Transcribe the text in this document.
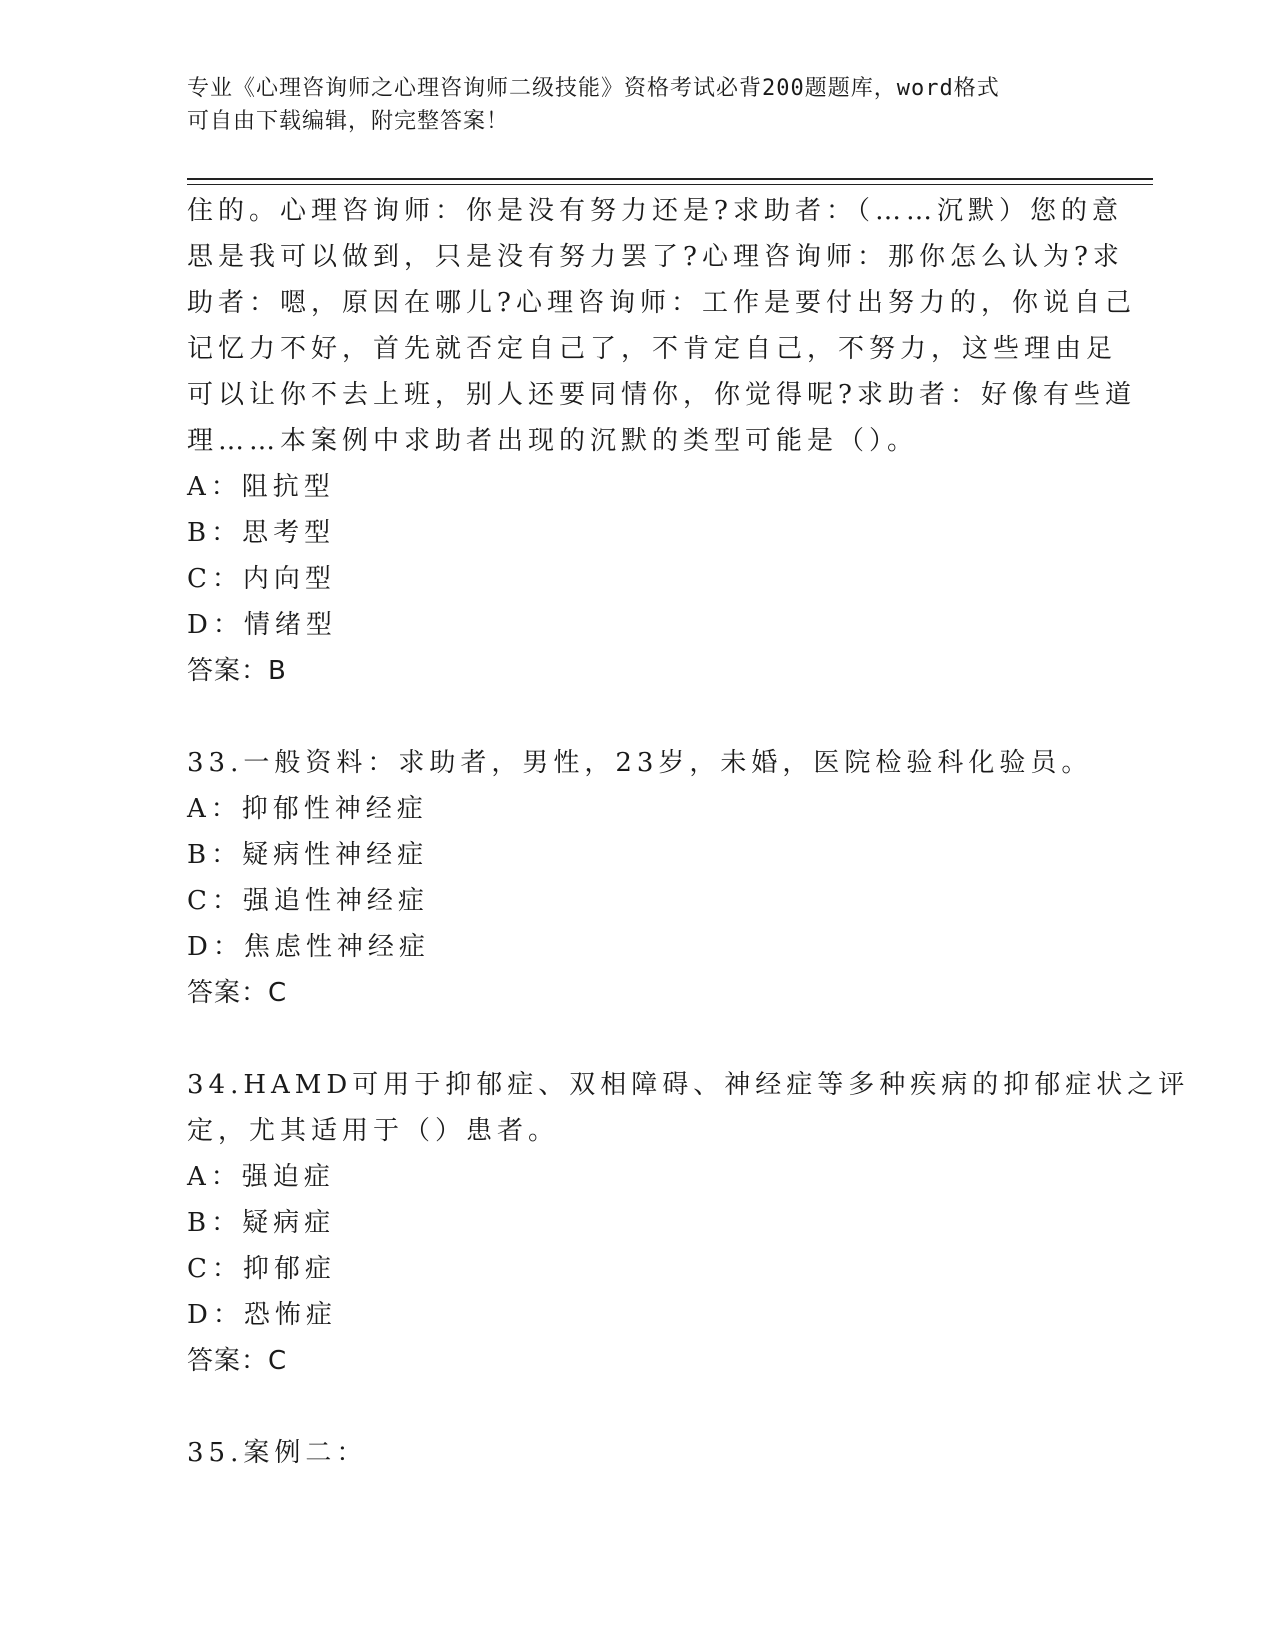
专业《心理咨询师之心理咨询师二级技能》资格考试必背200题题库，word格式
可自由下载编辑，附完整答案！
住的。心理咨询师：你是没有努力还是?求助者：（……沉默）您的意
思是我可以做到，只是没有努力罢了?心理咨询师：那你怎么认为?求
助者：嗯，原因在哪儿?心理咨询师：工作是要付出努力的，你说自己
记忆力不好，首先就否定自己了，不肯定自己，不努力，这些理由足
可以让你不去上班，别人还要同情你，你觉得呢?求助者：好像有些道
理……本案例中求助者出现的沉默的类型可能是（）。
A：阻抗型
B：思考型
C：内向型
D：情绪型
答案：B
33.一般资料：求助者，男性，23岁，未婚，医院检验科化验员。
A：抑郁性神经症
B：疑病性神经症
C：强追性神经症
D：焦虑性神经症
答案：C
34.HAMD可用于抑郁症、双相障碍、神经症等多种疾病的抑郁症状之评
定，尤其适用于（）患者。
A：强迫症
B：疑病症
C：抑郁症
D：恐怖症
答案：C
35.案例二：
